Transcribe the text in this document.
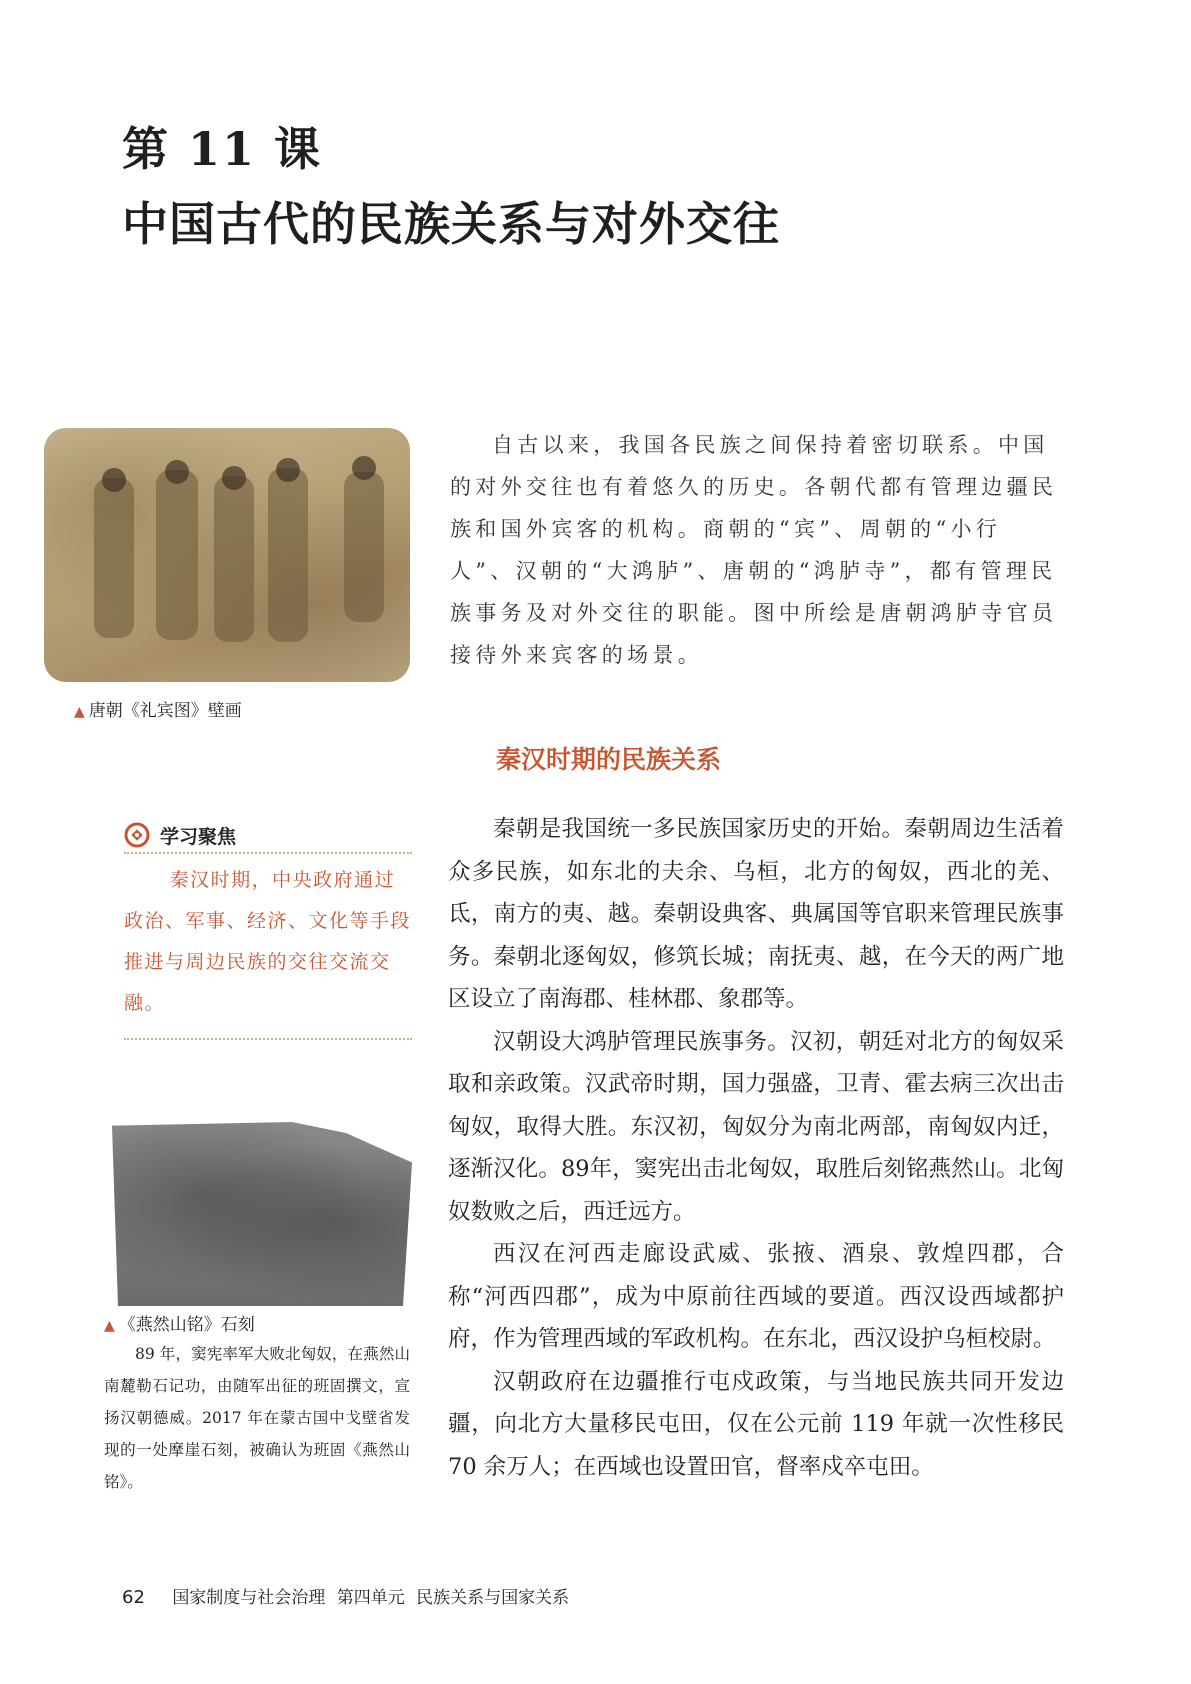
第 11 课
中国古代的民族关系与对外交往
▲ 唐朝《礼宾图》壁画

自古以来，我国各民族之间保持着密切联系。中国的对外交往也有着悠久的历史。各朝代都有管理边疆民族和国外宾客的机构。商朝的“宾”、周朝的“小行人”、汉朝的“大鸿胪”、唐朝的“鸿胪寺”，都有管理民族事务及对外交往的职能。图中所绘是唐朝鸿胪寺官员接待外来宾客的场景。

秦汉时期的民族关系
学习聚焦

秦汉时期，中央政府通过政治、军事、经济、文化等手段推进与周边民族的交往交流交融。

秦朝是我国统一多民族国家历史的开始。秦朝周边生活着众多民族，如东北的夫余、乌桓，北方的匈奴，西北的羌、氐，南方的夷、越。秦朝设典客、典属国等官职来管理民族事务。秦朝北逐匈奴，修筑长城；南抚夷、越，在今天的两广地区设立了南海郡、桂林郡、象郡等。

汉朝设大鸿胪管理民族事务。汉初，朝廷对北方的匈奴采取和亲政策。汉武帝时期，国力强盛，卫青、霍去病三次出击匈奴，取得大胜。东汉初，匈奴分为南北两部，南匈奴内迁，逐渐汉化。89年，窦宪出击北匈奴，取胜后刻铭燕然山。北匈奴数败之后，西迁远方。

西汉在河西走廊设武威、张掖、酒泉、敦煌四郡，合称“河西四郡”，成为中原前往西域的要道。西汉设西域都护府，作为管理西域的军政机构。在东北，西汉设护乌桓校尉。

汉朝政府在边疆推行屯戍政策，与当地民族共同开发边疆，向北方大量移民屯田，仅在公元前 119 年就一次性移民 70 余万人；在西域也设置田官，督率戍卒屯田。

▲ 《燕然山铭》石刻

89 年，窦宪率军大败北匈奴，在燕然山南麓勒石记功，由随军出征的班固撰文，宣扬汉朝德威。2017 年在蒙古国中戈壁省发现的一处摩崖石刻，被确认为班固《燕然山铭》。

62 国家制度与社会治理 第四单元 民族关系与国家关系
